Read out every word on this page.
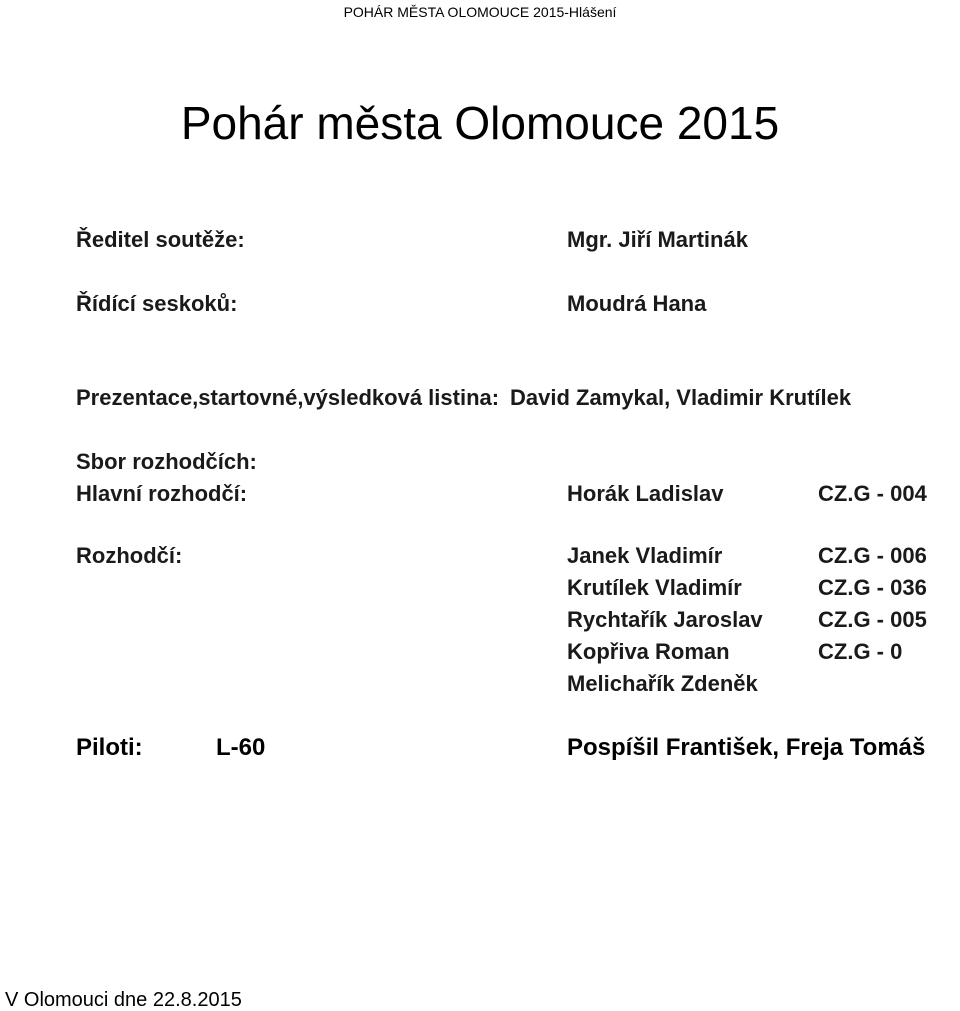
POHÁR MĚSTA OLOMOUCE 2015-Hlášení
Pohár města Olomouce 2015
Ředitel soutěže:	Mgr. Jiří Martinák
Řídící seskoků:	Moudrá Hana
Prezentace,startovné,výsledková listina: David Zamykal, Vladimir Krutílek
Sbor rozhodčích:
Hlavní rozhodčí:	Horák Ladislav	CZ.G - 004
Rozhodčí:	Janek Vladimír	CZ.G - 006
Krutílek Vladimír	CZ.G - 036
Rychtařík Jaroslav	CZ.G - 005
Kopřiva Roman	CZ.G - 0
Melichařík Zdeněk
Piloti:	L-60	Pospíšil František, Freja Tomáš
V Olomouci dne 22.8.2015
